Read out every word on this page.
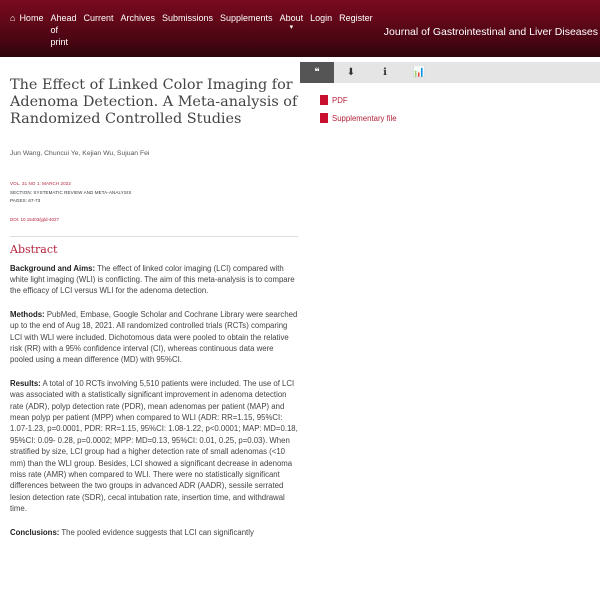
⌂ Home Ahead of print
Current Archives Submissions Supplements About
▾
Login Register
Journal of Gastrointestinal and Liver Diseases
The Effect of Linked Color Imaging for Adenoma Detection. A Meta-analysis of Randomized Controlled Studies
Jun Wang, Chuncui Ye, Kejian Wu, Sujuan Fei
VOL. 31 NO 1: MARCH 2022
SECTION: SYSTEMATIC REVIEW AND META-ANALYSIS
PAGES: 67-73
DOI: 10.15403/jgld-4027
Abstract
Background and Aims: The effect of linked color imaging (LCI) compared with white light imaging (WLI) is conflicting. The aim of this meta-analysis is to compare the efficacy of LCI versus WLI for the adenoma detection.
Methods: PubMed, Embase, Google Scholar and Cochrane Library were searched up to the end of Aug 18, 2021. All randomized controlled trials (RCTs) comparing LCI with WLI were included. Dichotomous data were pooled to obtain the relative risk (RR) with a 95% confidence interval (CI), whereas continuous data were pooled using a mean difference (MD) with 95%CI.
Results: A total of 10 RCTs involving 5,510 patients were included. The use of LCI was associated with a statistically significant improvement in adenoma detection rate (ADR), polyp detection rate (PDR), mean adenomas per patient (MAP) and mean polyp per patient (MPP) when compared to WLI (ADR: RR=1.15, 95%CI: 1.07-1.23, p=0.0001, PDR: RR=1.15, 95%CI: 1.08-1.22, p<0.0001; MAP: MD=0.18, 95%CI: 0.09- 0.28, p=0.0002; MPP: MD=0.13, 95%CI: 0.01, 0.25, p=0.03). When stratified by size, LCI group had a higher detection rate of small adenomas (<10 mm) than the WLI group. Besides, LCI showed a significant decrease in adenoma miss rate (AMR) when compared to WLI. There were no statistically significant differences between the two groups in advanced ADR (AADR), sessile serrated lesion detection rate (SDR), cecal intubation rate, insertion time, and withdrawal time.
Conclusions: The pooled evidence suggests that LCI can significantly
❝	⬇	ℹ	📊
PDF
Supplementary file
